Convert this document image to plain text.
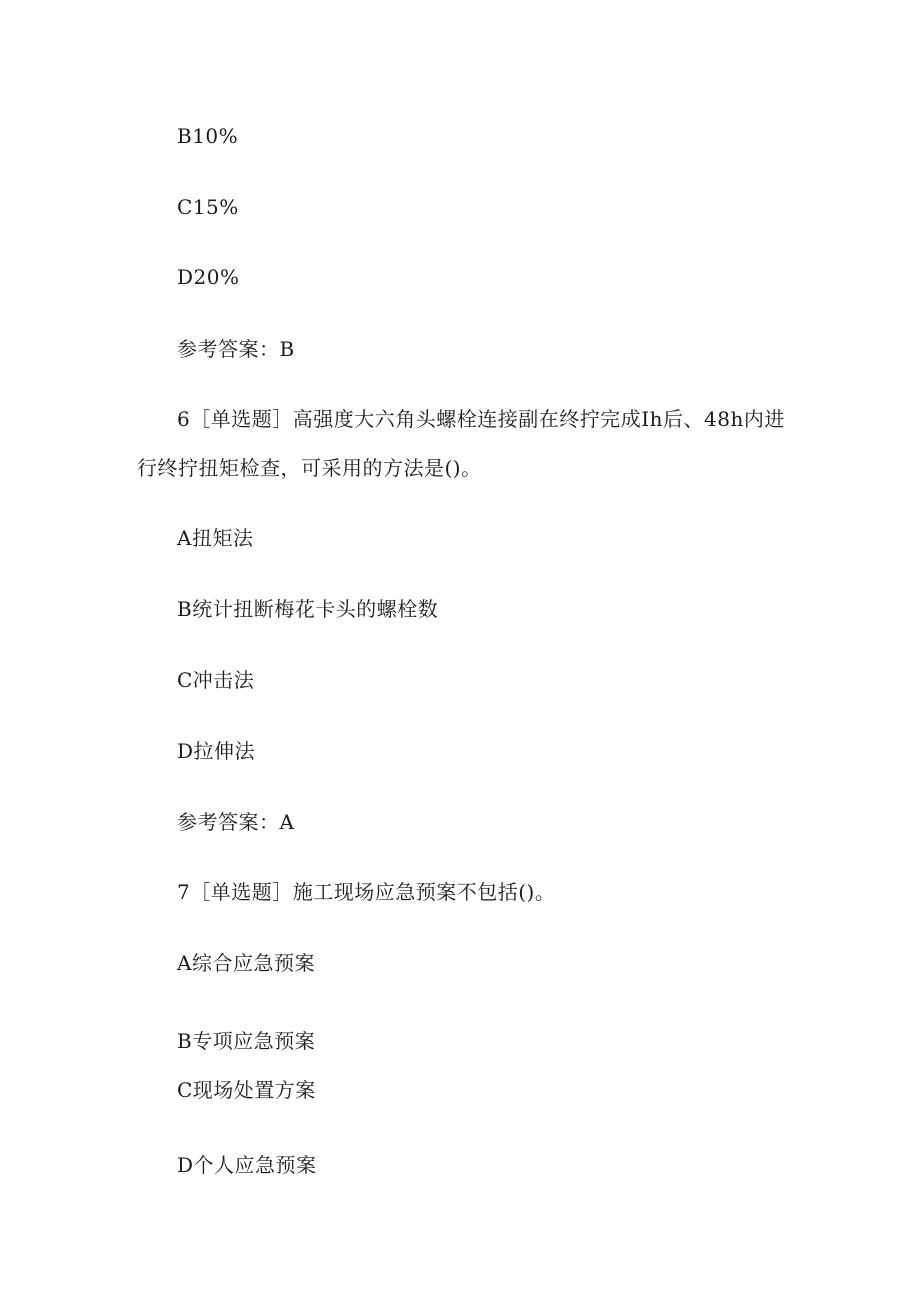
B10%
C15%
D20%
参考答案：B
6［单选题］高强度大六角头螺栓连接副在终拧完成Ih后、48h内进
行终拧扭矩检查，可采用的方法是()。
A扭矩法
B统计扭断梅花卡头的螺栓数
C冲击法
D拉伸法
参考答案：A
7［单选题］施工现场应急预案不包括()。
A综合应急预案
B专项应急预案
C现场处置方案
D个人应急预案
